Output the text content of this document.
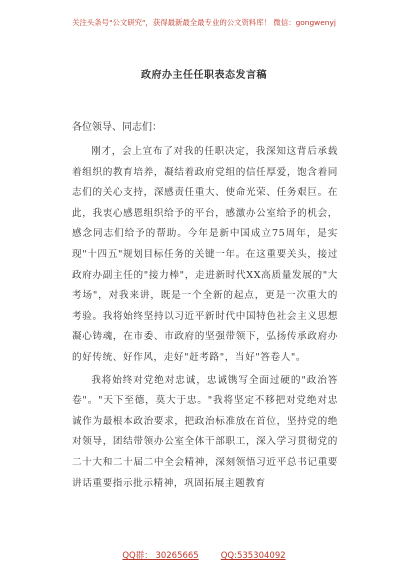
关注头条号"公文研究"，获得最新最全最专业的公文资料库！ 微信：gongwenyj
政府办主任任职表态发言稿

各位领导、同志们：

刚才，会上宣布了对我的任职决定，我深知这背后承载着组织的教育培养，凝结着政府党组的信任厚爱，饱含着同志们的关心支持，深感责任重大、使命光荣、任务艰巨。在此，我衷心感恩组织给予的平台，感激办公室给予的机会，感念同志们给予的帮助。今年是新中国成立75周年，是实现"十四五"规划目标任务的关键一年。在这重要关头，接过政府办副主任的"接力棒"，走进新时代XX高质量发展的"大考场"，对我来讲，既是一个全新的起点，更是一次重大的考验。我将始终坚持以习近平新时代中国特色社会主义思想凝心铸魂，在市委、市政府的坚强带领下，弘扬传承政府办的好传统、好作风，走好"赶考路"，当好"答卷人"。

我将始终对党绝对忠诚，忠诚镌写全面过硬的"政治答卷"。"天下至德，莫大于忠。"我将坚定不移把对党绝对忠诚作为最根本政治要求，把政治标准放在首位，坚持党的绝对领导，团结带领办公室全体干部职工，深入学习贯彻党的二十大和二十届二中全会精神，深刻领悟习近平总书记重要讲话重要指示批示精神，巩固拓展主题教育

QQ群： 30265665	QQ:535304092
